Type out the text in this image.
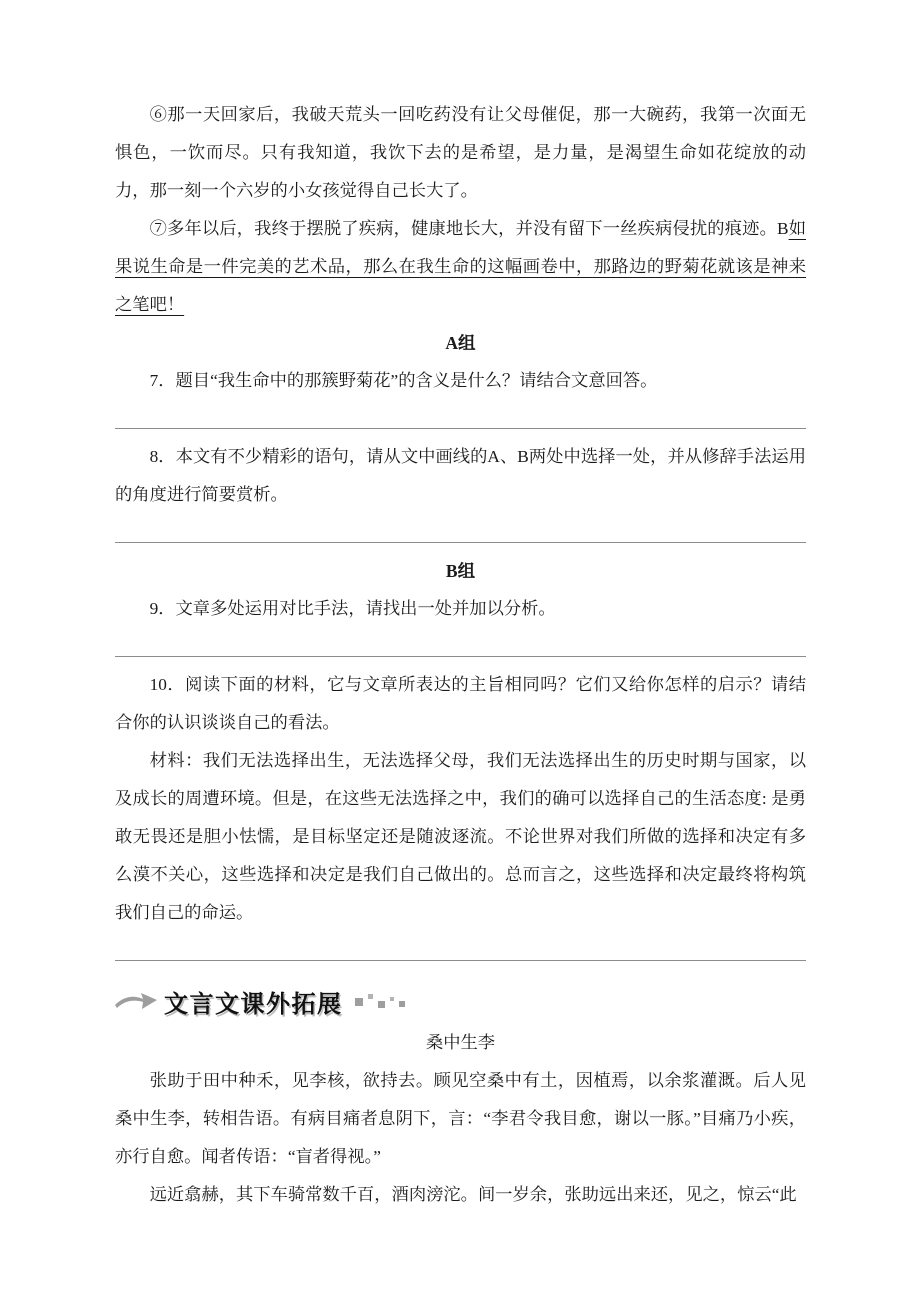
⑥那一天回家后，我破天荒头一回吃药没有让父母催促，那一大碗药，我第一次面无惧色，一饮而尽。只有我知道，我饮下去的是希望，是力量，是渴望生命如花绽放的动力，那一刻一个六岁的小女孩觉得自己长大了。

⑦多年以后，我终于摆脱了疾病，健康地长大，并没有留下一丝疾病侵扰的痕迹。B如果说生命是一件完美的艺术品，那么在我生命的这幅画卷中，那路边的野菊花就该是神来之笔吧！

A组

7．题目“我生命中的那簇野菊花”的含义是什么？请结合文意回答。

8．本文有不少精彩的语句，请从文中画线的A、B两处中选择一处，并从修辞手法运用的角度进行简要赏析。

B组

9．文章多处运用对比手法，请找出一处并加以分析。

10．阅读下面的材料，它与文章所表达的主旨相同吗？它们又给你怎样的启示？请结合你的认识谈谈自己的看法。

材料：我们无法选择出生，无法选择父母，我们无法选择出生的历史时期与国家，以及成长的周遭环境。但是，在这些无法选择之中，我们的确可以选择自己的生活态度: 是勇敢无畏还是胆小怯懦，是目标坚定还是随波逐流。不论世界对我们所做的选择和决定有多么漠不关心，这些选择和决定是我们自己做出的。总而言之，这些选择和决定最终将构筑我们自己的命运。

文言文课外拓展

桑中生李

张助于田中种禾，见李核，欲持去。顾见空桑中有土，因植焉，以余浆灌溉。后人见桑中生李，转相告语。有病目痛者息阴下，言：“李君令我目愈，谢以一豚。”目痛乃小疾，亦行自愈。闻者传语：“盲者得视。”

远近翕赫，其下车骑常数千百，酒肉滂沱。间一岁余，张助远出来还，见之，惊云“此
